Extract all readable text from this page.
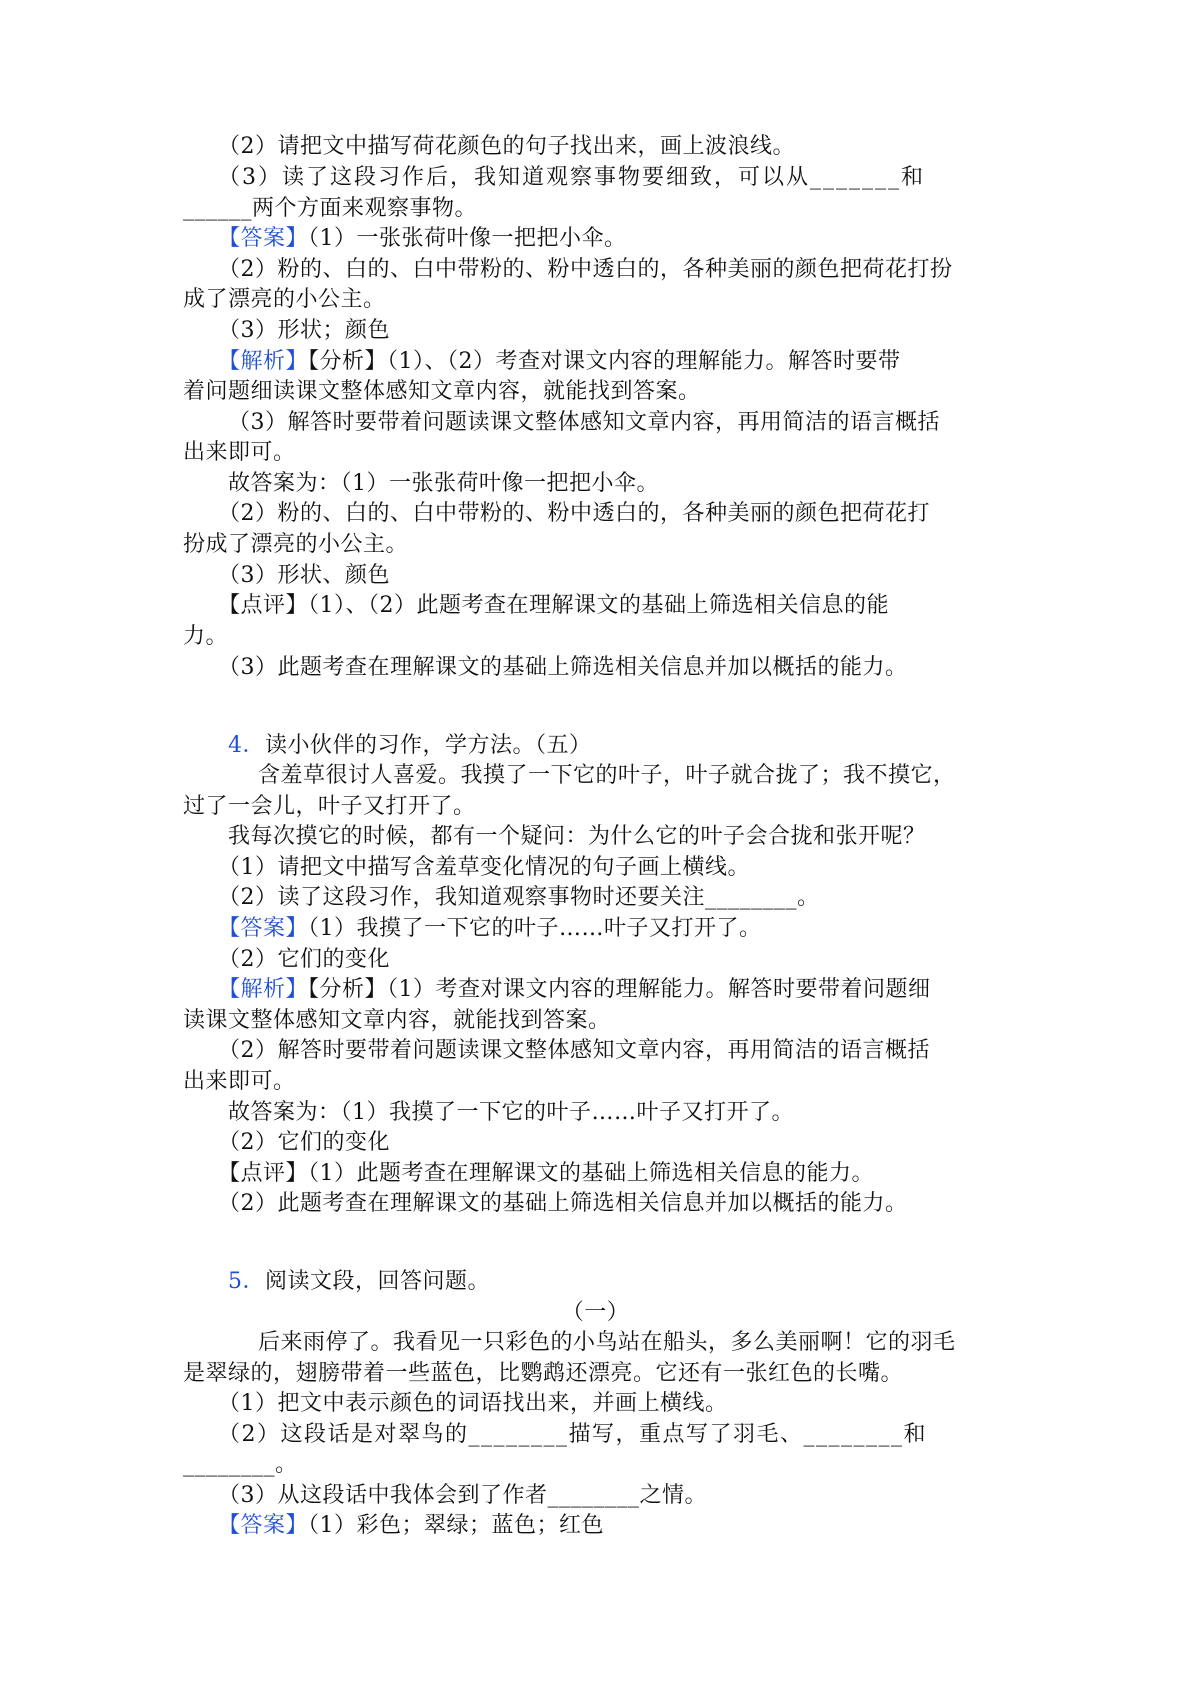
（2）请把文中描写荷花颜色的句子找出来，画上波浪线。
（3）读了这段习作后，我知道观察事物要细致，可以从_______和
______两个方面来观察事物。
【答案】（1）一张张荷叶像一把把小伞。
（2）粉的、白的、白中带粉的、粉中透白的，各种美丽的颜色把荷花打扮
成了漂亮的小公主。
（3）形状；颜色
【解析】【分析】（1）、（2）考查对课文内容的理解能力。解答时要带
着问题细读课文整体感知文章内容，就能找到答案。
（3）解答时要带着问题读课文整体感知文章内容，再用简洁的语言概括
出来即可。
故答案为：（1）一张张荷叶像一把把小伞。
（2）粉的、白的、白中带粉的、粉中透白的，各种美丽的颜色把荷花打
扮成了漂亮的小公主。
（3）形状、颜色
【点评】（1）、（2）此题考查在理解课文的基础上筛选相关信息的能
力。
（3）此题考查在理解课文的基础上筛选相关信息并加以概括的能力。
4．读小伙伴的习作，学方法。（五）
含羞草很讨人喜爱。我摸了一下它的叶子，叶子就合拢了；我不摸它，
过了一会儿，叶子又打开了。
我每次摸它的时候，都有一个疑问：为什么它的叶子会合拢和张开呢？
（1）请把文中描写含羞草变化情况的句子画上横线。
（2）读了这段习作，我知道观察事物时还要关注________。
【答案】（1）我摸了一下它的叶子……叶子又打开了。
（2）它们的变化
【解析】【分析】（1）考查对课文内容的理解能力。解答时要带着问题细
读课文整体感知文章内容，就能找到答案。
（2）解答时要带着问题读课文整体感知文章内容，再用简洁的语言概括
出来即可。
故答案为：（1）我摸了一下它的叶子……叶子又打开了。
（2）它们的变化
【点评】（1）此题考查在理解课文的基础上筛选相关信息的能力。
（2）此题考查在理解课文的基础上筛选相关信息并加以概括的能力。
5．阅读文段，回答问题。
（一）
后来雨停了。我看见一只彩色的小鸟站在船头，多么美丽啊！它的羽毛
是翠绿的，翅膀带着一些蓝色，比鹦鹉还漂亮。它还有一张红色的长嘴。
（1）把文中表示颜色的词语找出来，并画上横线。
（2）这段话是对翠鸟的________描写，重点写了羽毛、________和
________。
（3）从这段话中我体会到了作者________之情。
【答案】（1）彩色；翠绿；蓝色；红色
